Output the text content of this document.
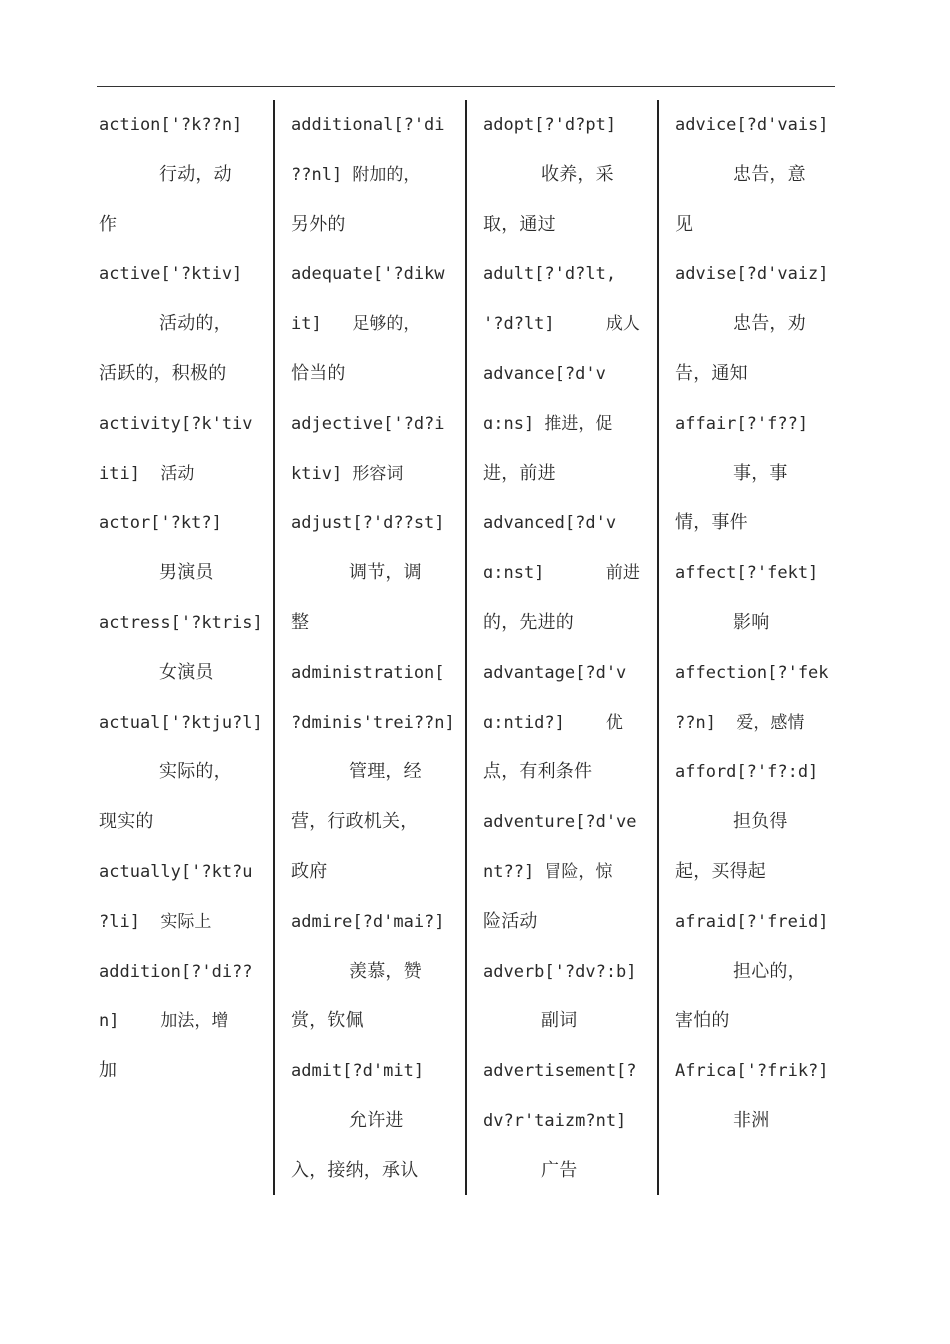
action['?k??n]
行动，动
作
active['?ktiv]
活动的，
活跃的，积极的
activity[?k'tiv
iti]  活动
actor['?kt?]
男演员
actress['?ktris]
女演员
actual['?ktju?l]
实际的，
现实的
actually['?kt?u
?li]  实际上
addition[?'di??
n]    加法，增
加
additional[?'di
??nl] 附加的，
另外的
adequate['?dikw
it]   足够的，
恰当的
adjective['?d?i
ktiv] 形容词
adjust[?'d??st]
调节，调
整
administration[
?dminis'trei??n]
管理，经
营，行政机关，
政府
admire[?d'mai?]
羡慕，赞
赏，钦佩
admit[?d'mit]
允许进
入，接纳，承认
adopt[?'d?pt]
收养，采
取，通过
adult[?'d?lt,
'?d?lt]     成人
advance[?d'v
ɑ:ns] 推进，促
进，前进
advanced[?d'v
ɑ:nst]      前进
的，先进的
advantage[?d'v
ɑ:ntid?]    优
点，有利条件
adventure[?d've
nt??] 冒险，惊
险活动
adverb['?dv?:b]
副词
advertisement[?
dv?r'taizm?nt]
广告
advice[?d'vais]
忠告，意
见
advise[?d'vaiz]
忠告，劝
告，通知
affair[?'f??]
事，事
情，事件
affect[?'fekt]
影响
affection[?'fek
??n]  爱，感情
afford[?'f?:d]
担负得
起，买得起
afraid[?'freid]
担心的，
害怕的
Africa['?frik?]
非洲
